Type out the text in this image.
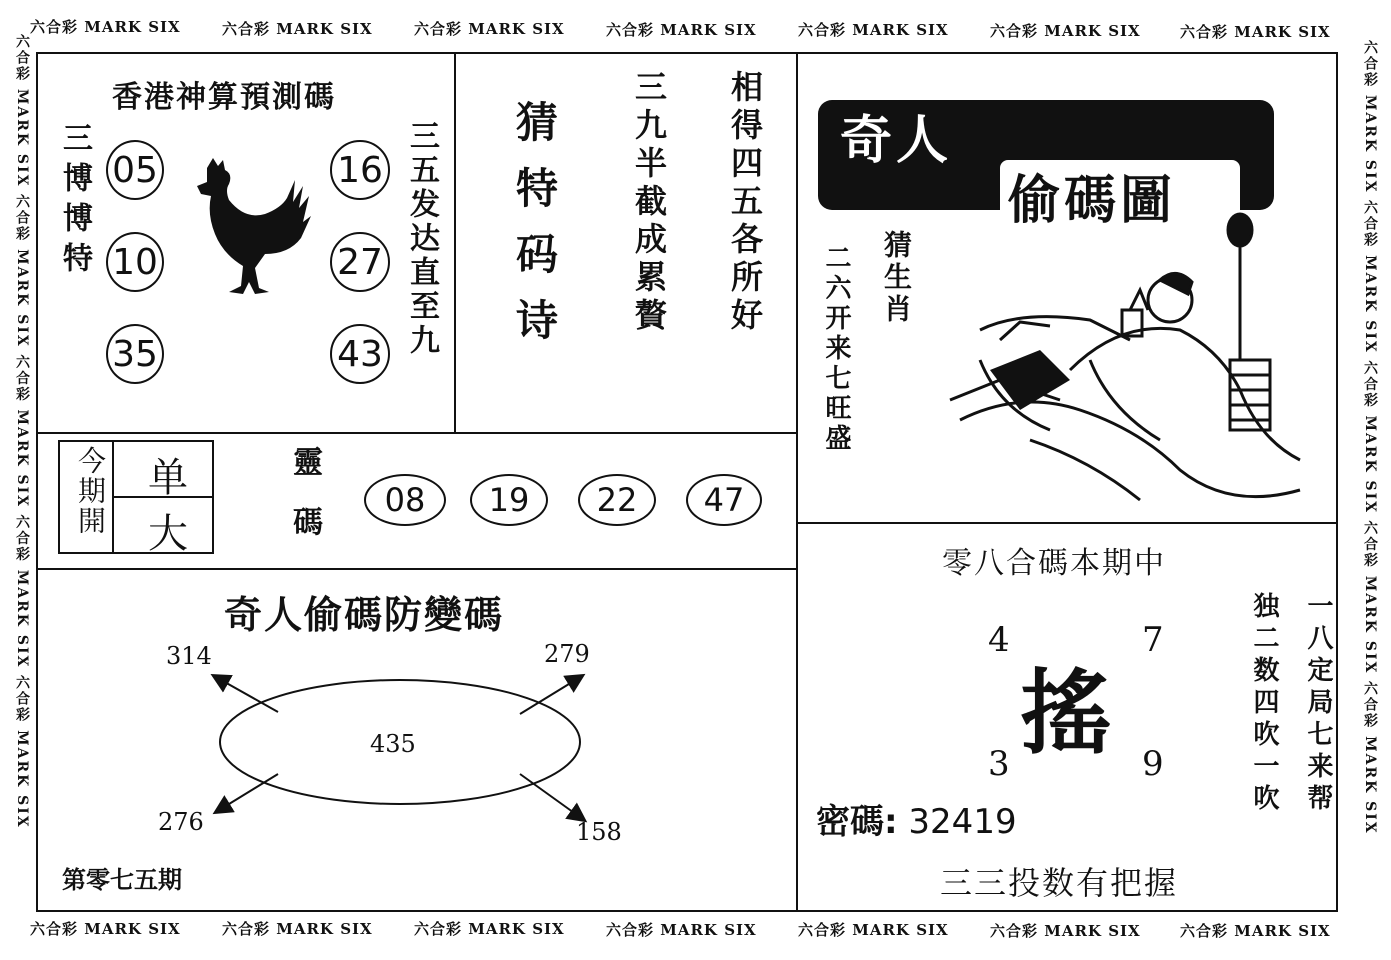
六合彩 MARK SIX	六合彩 MARK SIX	六合彩 MARK SIX	六合彩 MARK SIX	六合彩 MARK SIX	六合彩 MARK SIX	六合彩 MARK SIX
六合彩 MARK SIX	六合彩 MARK SIX	六合彩 MARK SIX	六合彩 MARK SIX	六合彩 MARK SIX	六合彩 MARK SIX	六合彩 MARK SIX
六合彩 MARK SIX 六合彩 MARK SIX 六合彩 MARK SIX 六合彩 MARK SIX 六合彩 MARK SIX	六合彩 MARK SIX 六合彩 MARK SIX 六合彩 MARK SIX 六合彩 MARK SIX 六合彩 MARK SIX
香港神算預測碼
三博博特	三五发达直至九
05
10
35
16
27
43	猜特码诗 三九半截成累贅 相得四五各所好 奇人
偷碼圖
猜生肖
二六开来七旺盛
今期開 单
大	靈碼 08 19 22 47
奇人偷碼防變碼
435
314	279
276	158
第零七五期
零八合碼本期中
搖
4	7
3	9	一八定局七来帮
独二数四吹一吹
密碼: 32419
三三投数有把握
